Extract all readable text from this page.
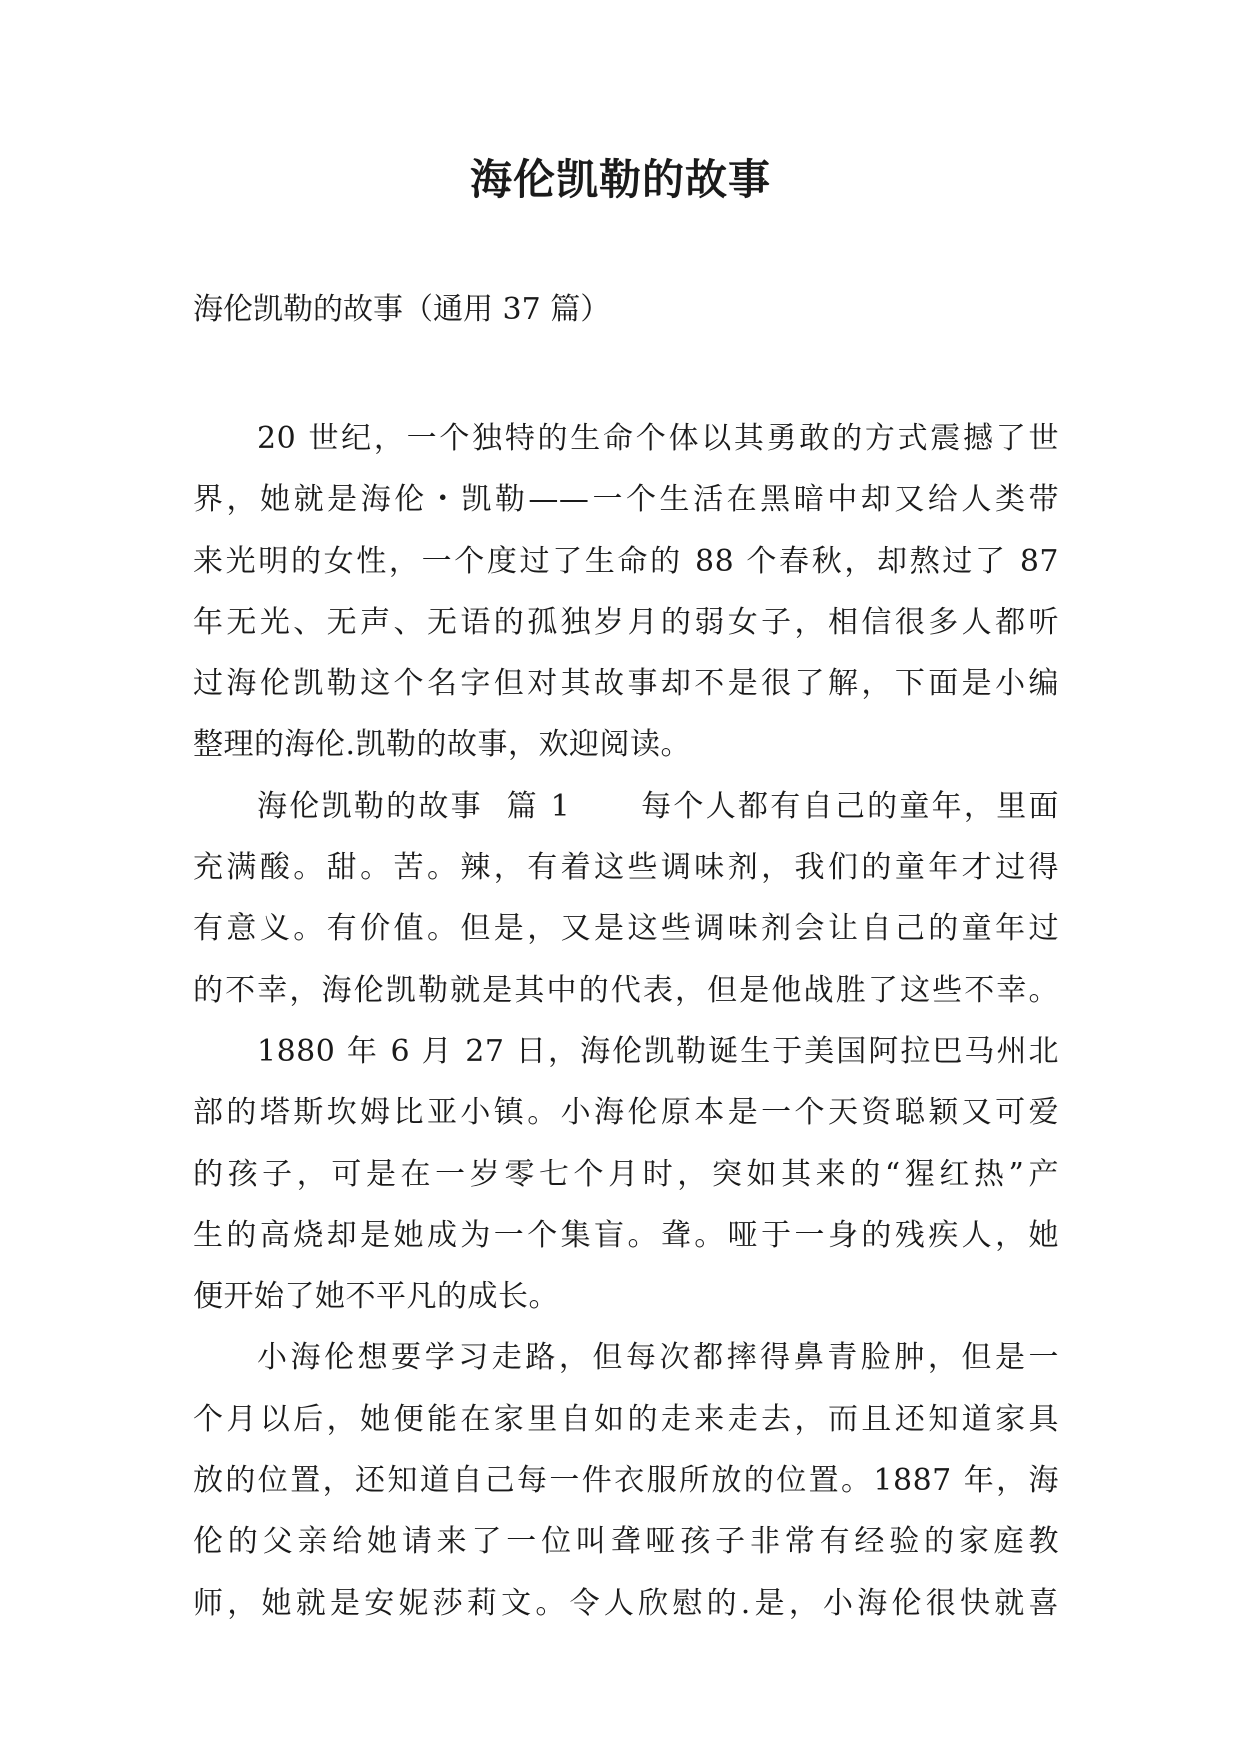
海伦凯勒的故事
海伦凯勒的故事（通用 37 篇）
20 世纪，一个独特的生命个体以其勇敢的方式震撼了世
界，她就是海伦・凯勒——一个生活在黑暗中却又给人类带
来光明的女性，一个度过了生命的 88 个春秋，却熬过了 87
年无光、无声、无语的孤独岁月的弱女子，相信很多人都听
过海伦凯勒这个名字但对其故事却不是很了解，下面是小编
整理的海伦.凯勒的故事，欢迎阅读。
海伦凯勒的故事  篇 1      每个人都有自己的童年，里面
充满酸。甜。苦。辣，有着这些调味剂，我们的童年才过得
有意义。有价值。但是，又是这些调味剂会让自己的童年过
的不幸，海伦凯勒就是其中的代表，但是他战胜了这些不幸。
1880 年 6 月 27 日，海伦凯勒诞生于美国阿拉巴马州北
部的塔斯坎姆比亚小镇。小海伦原本是一个天资聪颖又可爱
的孩子，可是在一岁零七个月时，突如其来的“猩红热”产
生的高烧却是她成为一个集盲。聋。哑于一身的残疾人，她
便开始了她不平凡的成长。
小海伦想要学习走路，但每次都摔得鼻青脸肿，但是一
个月以后，她便能在家里自如的走来走去，而且还知道家具
放的位置，还知道自己每一件衣服所放的位置。1887 年，海
伦的父亲给她请来了一位叫聋哑孩子非常有经验的家庭教
师，她就是安妮莎莉文。令人欣慰的.是，小海伦很快就喜
